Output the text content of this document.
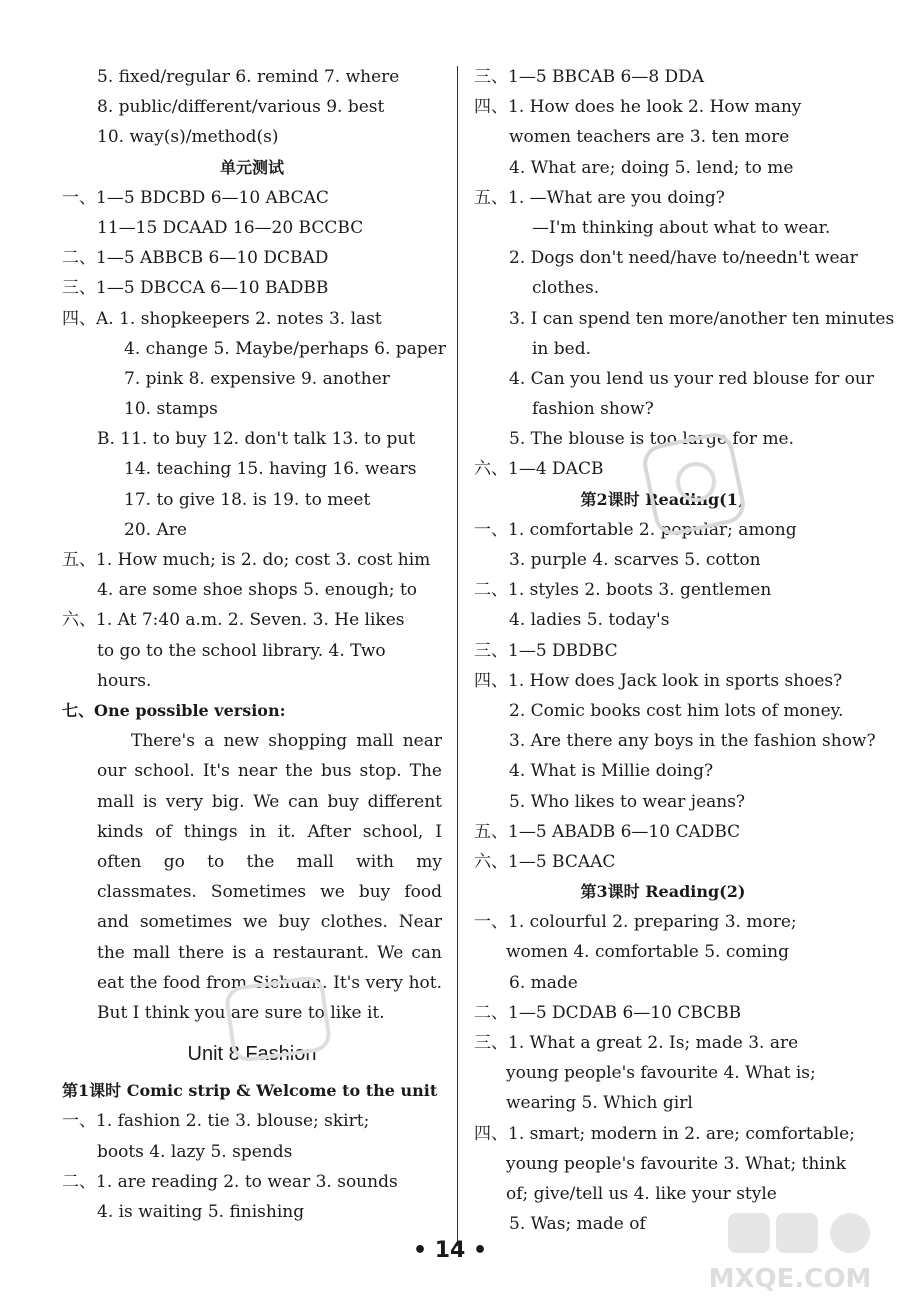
5. fixed/regular 6. remind 7. where
8. public/different/various 9. best
10. way(s)/method(s)
单元测试
一、1—5 BDCBD 6—10 ABCAC
11—15 DCAAD 16—20 BCCBC
二、1—5 ABBCB 6—10 DCBAD
三、1—5 DBCCA 6—10 BADBB
四、A. 1. shopkeepers 2. notes 3. last
4. change 5. Maybe/perhaps 6. paper
7. pink 8. expensive 9. another
10. stamps
B. 11. to buy 12. don't talk 13. to put
14. teaching 15. having 16. wears
17. to give 18. is 19. to meet
20. Are
五、1. How much; is 2. do; cost 3. cost him
4. are some shoe shops 5. enough; to
六、1. At 7:40 a.m. 2. Seven. 3. He likes
to go to the school library. 4. Two
hours.
七、One possible version:

There's a new shopping mall near our school. It's near the bus stop. The mall is very big. We can buy different kinds of things in it. After school, I often go to the mall with my classmates. Sometimes we buy food and sometimes we buy clothes. Near the mall there is a restaurant. We can eat the food from Sichuan. It's very hot. But I think you are sure to like it.

Unit 8 Fashion
第1课时 Comic strip & Welcome to the unit
一、1. fashion 2. tie 3. blouse; skirt;
boots 4. lazy 5. spends
二、1. are reading 2. to wear 3. sounds
4. is waiting 5. finishing
三、1—5 BBCAB 6—8 DDA
四、1. How does he look 2. How many
women teachers are 3. ten more
4. What are; doing 5. lend; to me
五、1. —What are you doing?
—I'm thinking about what to wear.
2. Dogs don't need/have to/needn't wear
clothes.
3. I can spend ten more/another ten minutes
in bed.
4. Can you lend us your red blouse for our
fashion show?
5. The blouse is too large for me.
六、1—4 DACB
第2课时 Reading(1)
一、1. comfortable 2. popular; among
3. purple 4. scarves 5. cotton
二、1. styles 2. boots 3. gentlemen
4. ladies 5. today's
三、1—5 DBDBC
四、1. How does Jack look in sports shoes?
2. Comic books cost him lots of money.
3. Are there any boys in the fashion show?
4. What is Millie doing?
5. Who likes to wear jeans?
五、1—5 ABADB 6—10 CADBC
六、1—5 BCAAC
第3课时 Reading(2)
一、1. colourful 2. preparing 3. more;
women 4. comfortable 5. coming
6. made
二、1—5 DCDAB 6—10 CBCBB
三、1. What a great 2. Is; made 3. are
young people's favourite 4. What is;
wearing 5. Which girl
四、1. smart; modern in 2. are; comfortable;
young people's favourite 3. What; think
of; give/tell us 4. like your style
5. Was; made of
• 14 •
MXQE.COM
